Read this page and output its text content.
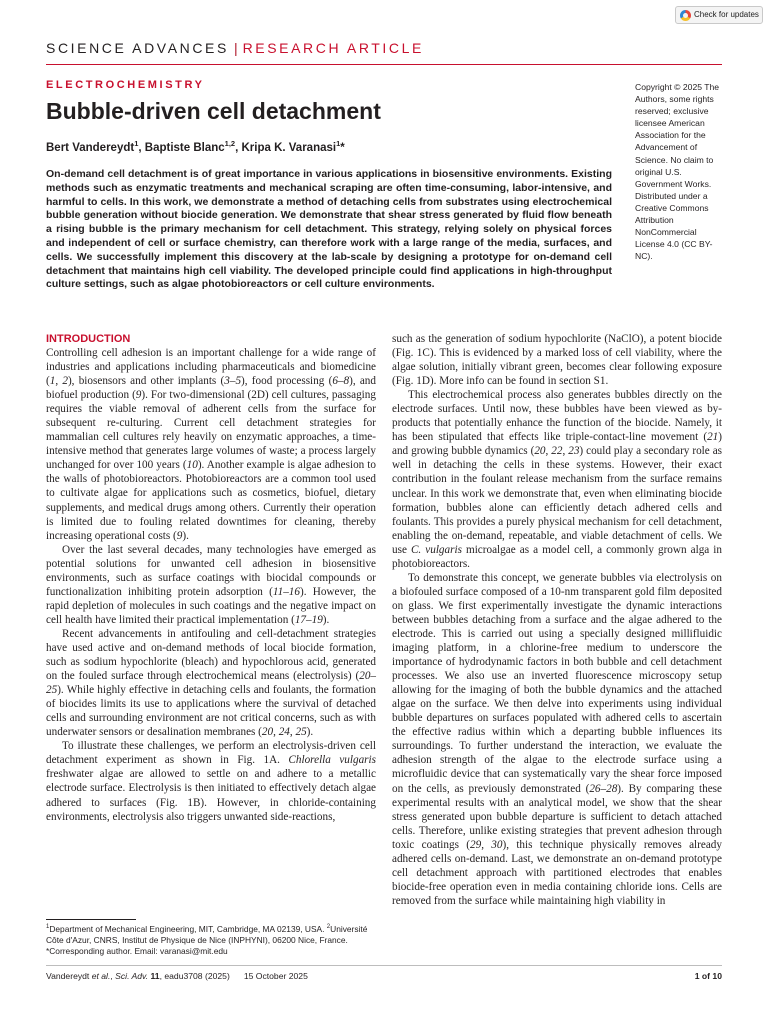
Check for updates
SCIENCE ADVANCES | RESEARCH ARTICLE
ELECTROCHEMISTRY
Bubble-driven cell detachment
Bert Vandereydt$^1$, Baptiste Blanc$^{1,2}$, Kripa K. Varanasi$^1$*

On-demand cell detachment is of great importance in various applications in biosensitive environments. Existing methods such as enzymatic treatments and mechanical scraping are often time-consuming, labor-intensive, and harmful to cells. In this work, we demonstrate a method of detaching cells from substrates using electrochemical bubble generation without biocide generation. We demonstrate that shear stress generated by fluid flow beneath a rising bubble is the primary mechanism for cell detachment. This strategy, relying solely on physical forces and independent of cell or surface chemistry, can therefore work with a large range of the media, surfaces, and cells. We successfully implement this discovery at the lab-scale by designing a prototype for on-demand cell detachment that maintains high cell viability. The developed principle could find applications in high-throughput culture settings, such as algae photobioreactors or cell culture environments.

Copyright © 2025 The Authors, some rights reserved; exclusive licensee American Association for the Advancement of Science. No claim to original U.S. Government Works. Distributed under a Creative Commons Attribution NonCommercial License 4.0 (CC BY-NC).

INTRODUCTION

Controlling cell adhesion is an important challenge for a wide range of industries and applications including pharmaceuticals and biomedicine (1, 2), biosensors and other implants (3–5), food processing (6–8), and biofuel production (9). For two-dimensional (2D) cell cultures, passaging requires the viable removal of adherent cells from the surface for subsequent re-culturing. Current cell detachment strategies for mammalian cell cultures rely heavily on enzymatic approaches, a time-intensive method that generates large volumes of waste; a process largely unchanged for over 100 years (10). Another example is algae adhesion to the walls of photobioreactors. Photobioreactors are a common tool used to cultivate algae for applications such as cosmetics, biofuel, dietary supplements, and medical drugs among others. Currently their operation is limited due to fouling related downtimes for cleaning, thereby increasing operational costs (9).

Over the last several decades, many technologies have emerged as potential solutions for unwanted cell adhesion in biosensitive environments, such as surface coatings with biocidal compounds or functionalization inhibiting protein adsorption (11–16). However, the rapid depletion of molecules in such coatings and the negative impact on cell health have limited their practical implementation (17–19).

Recent advancements in antifouling and cell-detachment strategies have used active and on-demand methods of local biocide formation, such as sodium hypochlorite (bleach) and hypochlorous acid, generated on the fouled surface through electrochemical means (electrolysis) (20–25). While highly effective in detaching cells and foulants, the formation of biocides limits its use to applications where the survival of detached cells and surrounding environment are not critical concerns, such as with underwater sensors or desalination membranes (20, 24, 25).

To illustrate these challenges, we perform an electrolysis-driven cell detachment experiment as shown in Fig. 1A. Chlorella vulgaris freshwater algae are allowed to settle on and adhere to a metallic electrode surface. Electrolysis is then initiated to effectively detach algae adhered to surfaces (Fig. 1B). However, in chloride-containing environments, electrolysis also triggers unwanted side-reactions,

such as the generation of sodium hypochlorite (NaClO), a potent biocide (Fig. 1C). This is evidenced by a marked loss of cell viability, where the algae solution, initially vibrant green, becomes clear following exposure (Fig. 1D). More info can be found in section S1.

This electrochemical process also generates bubbles directly on the electrode surfaces. Until now, these bubbles have been viewed as by-products that potentially enhance the function of the biocide. Namely, it has been stipulated that effects like triple-contact-line movement (21) and growing bubble dynamics (20, 22, 23) could play a secondary role as well in detaching the cells in these systems. However, their exact contribution in the foulant release mechanism from the surface remains unclear. In this work we demonstrate that, even when eliminating biocide formation, bubbles alone can efficiently detach adhered cells and foulants. This provides a purely physical mechanism for cell detachment, enabling the on-demand, repeatable, and viable detachment of cells. We use C. vulgaris microalgae as a model cell, a commonly grown alga in photobioreactors.

To demonstrate this concept, we generate bubbles via electrolysis on a biofouled surface composed of a 10-nm transparent gold film deposited on glass. We first experimentally investigate the dynamic interactions between bubbles detaching from a surface and the algae adhered to the electrode. This is carried out using a specially designed millifluidic imaging platform, in a chlorine-free medium to underscore the importance of hydrodynamic factors in both bubble and cell detachment processes. We also use an inverted fluorescence microscopy setup allowing for the imaging of both the bubble dynamics and the attached algae on the surface. We then delve into experiments using individual bubble departures on surfaces populated with adhered cells to ascertain the effective radius within which a departing bubble influences its surroundings. To further understand the interaction, we evaluate the adhesion strength of the algae to the electrode surface using a microfluidic device that can systematically vary the shear force imposed on the cells, as previously demonstrated (26–28). By comparing these experimental results with an analytical model, we show that the shear stress generated upon bubble departure is sufficient to detach attached cells. Therefore, unlike existing strategies that prevent adhesion through toxic coatings (29, 30), this technique physically removes already adhered cells on-demand. Last, we demonstrate an on-demand prototype cell detachment approach with partitioned electrodes that enables biocide-free operation even in media containing chloride ions. Cells are removed from the surface while maintaining high viability in

$^1$Department of Mechanical Engineering, MIT, Cambridge, MA 02139, USA. $^2$Université Côte d'Azur, CNRS, Institut de Physique de Nice (INPHYNI), 06200 Nice, France.
*Corresponding author. Email: varanasi@mit.edu

Vandereydt et al., Sci. Adv. 11, eadu3708 (2025) 15 October 2025	1 of 10
